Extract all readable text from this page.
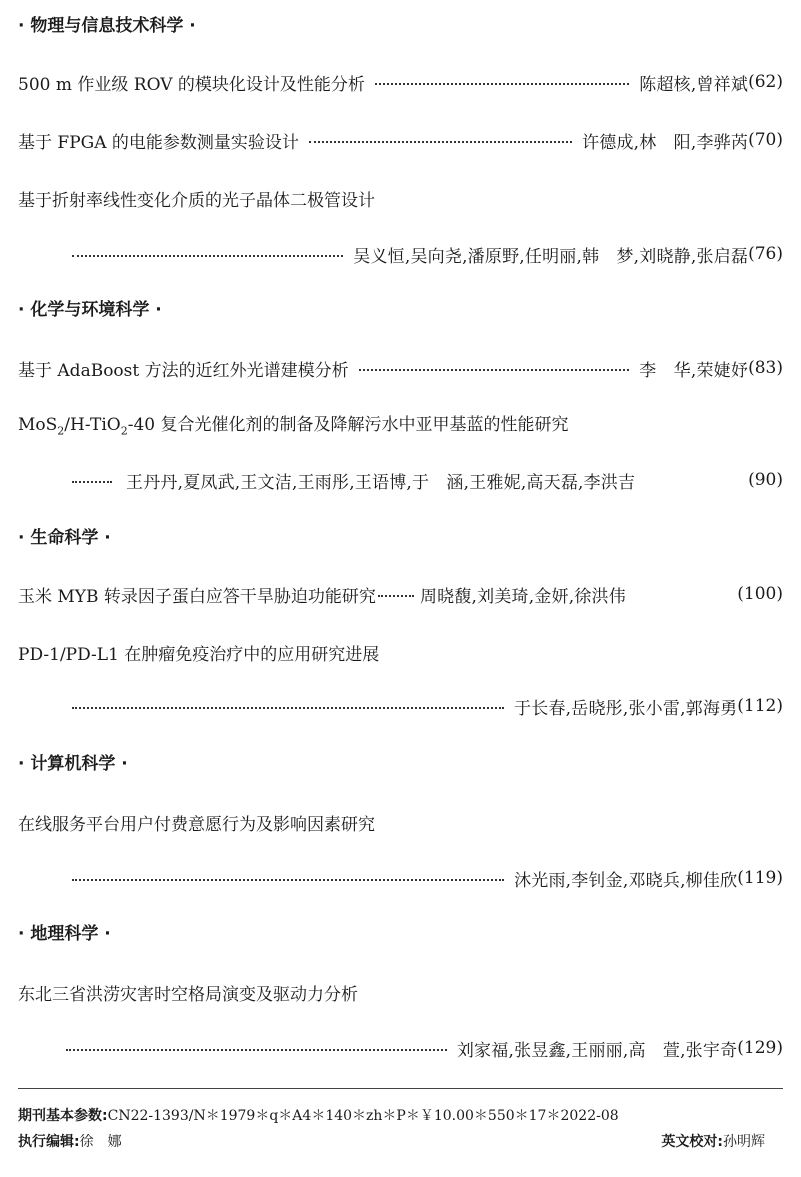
· 物理与信息技术科学 ·
500 m 作业级 ROV 的模块化设计及性能分析	陈超核,曾祥斌 (62)
基于 FPGA 的电能参数测量实验设计	许德成,林　阳,李骅芮 (70)
基于折射率线性变化介质的光子晶体二极管设计
吴义恒,吴向尧,潘原野,任明丽,韩　梦,刘晓静,张启磊 (76)
· 化学与环境科学 ·
基于 AdaBoost 方法的近红外光谱建模分析	李　华,荣婕妤 (83)
MoS$_2$/H-TiO$_2$-40 复合光催化剂的制备及降解污水中亚甲基蓝的性能研究
王丹丹,夏凤武,王文洁,王雨彤,王语博,于　涵,王雅妮,高天磊,李洪吉	(90)
· 生命科学 ·
玉米 MYB 转录因子蛋白应答干旱胁迫功能研究	周晓馥,刘美琦,金妍,徐洪伟	(100)
PD-1/PD-L1 在肿瘤免疫治疗中的应用研究进展
于长春,岳晓彤,张小雷,郭海勇 (112)
· 计算机科学 ·
在线服务平台用户付费意愿行为及影响因素研究
沐光雨,李钊金,邓晓兵,柳佳欣 (119)
· 地理科学 ·
东北三省洪涝灾害时空格局演变及驱动力分析
刘家福,张昱鑫,王丽丽,高　萱,张宇奇 (129)
期刊基本参数:CN22-1393/N＊1979＊q＊A4＊140＊zh＊P＊￥10.00＊550＊17＊2022-08
执行编辑:徐　娜	英文校对:孙明辉
